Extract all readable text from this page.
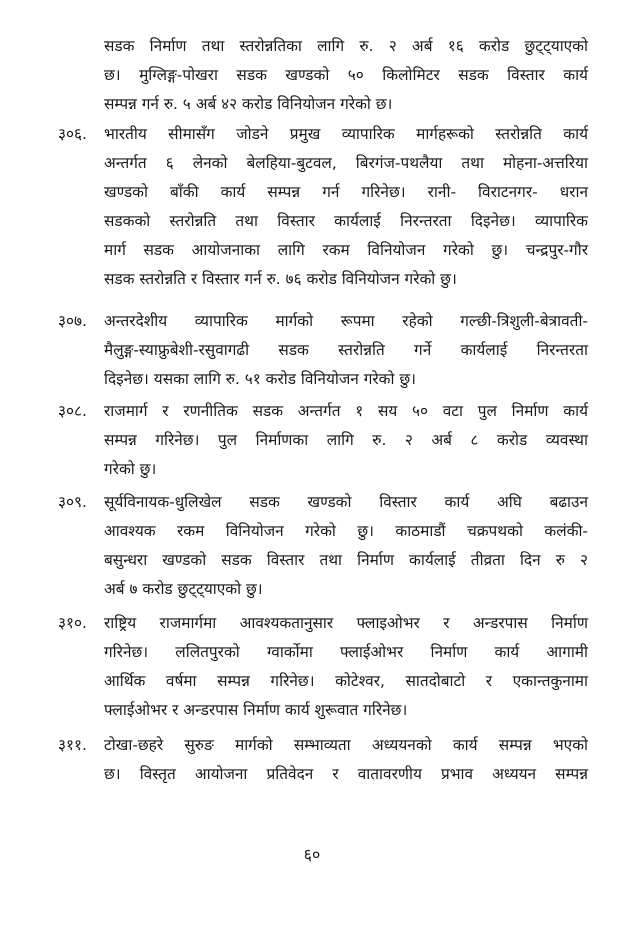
सडक निर्माण तथा स्तरोन्नतिका लागि रु. २ अर्ब १६ करोड छुट्ट्याएको
छ। मुग्लिङ्ग-पोखरा सडक खण्डको ५० किलोमिटर सडक विस्तार कार्य
सम्पन्न गर्न रु. ५ अर्ब ४२ करोड विनियोजन गरेको छ।
३०६.	भारतीय सीमासँग जोडने प्रमुख व्यापारिक मार्गहरूको स्तरोन्नति कार्य
अन्तर्गत ६ लेनको बेलहिया-बुटवल, बिरगंज-पथलैया तथा मोहना-अत्तरिया
खण्डको बाँकी कार्य सम्पन्न गर्न गरिनेछ। रानी- विराटनगर- धरान
सडकको स्तरोन्नति तथा विस्तार कार्यलाई निरन्तरता दिइनेछ। व्यापारिक
मार्ग सडक आयोजनाका लागि रकम विनियोजन गरेको छु। चन्द्रपुर-गौर
सडक स्तरोन्नति र विस्तार गर्न रु. ७६ करोड विनियोजन गरेको छु।
३०७.	अन्तरदेशीय व्यापारिक मार्गको रूपमा रहेको गल्छी-त्रिशुली-बेत्रावती-
मैलुङ्ग-स्याफ्रुबेशी-रसुवागढी सडक स्तरोन्नति गर्ने कार्यलाई निरन्तरता
दिइनेछ। यसका लागि रु. ५१ करोड विनियोजन गरेको छु।
३०८.	राजमार्ग र रणनीतिक सडक अन्तर्गत १ सय ५० वटा पुल निर्माण कार्य
सम्पन्न गरिनेछ। पुल निर्माणका लागि रु. २ अर्ब ८ करोड व्यवस्था
गरेको छु।
३०९.	सूर्यविनायक-धुलिखेल सडक खण्डको विस्तार कार्य अघि बढाउन
आवश्यक रकम विनियोजन गरेको छु। काठमाडौं चक्रपथको कलंकी-
बसुन्धरा खण्डको सडक विस्तार तथा निर्माण कार्यलाई तीव्रता दिन रु २
अर्ब ७ करोड छुट्ट्याएको छु।
३१०.	राष्ट्रिय राजमार्गमा आवश्यकतानुसार फ्लाइओभर र अन्डरपास निर्माण
गरिनेछ। ललितपुरको ग्वार्कोमा फ्लाईओभर निर्माण कार्य आगामी
आर्थिक वर्षमा सम्पन्न गरिनेछ। कोटेश्वर, सातदोबाटो र एकान्तकुनामा
फ्लाईओभर र अन्डरपास निर्माण कार्य शुरूवात गरिनेछ।
३११.	टोखा-छहरे सुरुङ मार्गको सम्भाव्यता अध्ययनको कार्य सम्पन्न भएको
छ। विस्तृत आयोजना प्रतिवेदन र वातावरणीय प्रभाव अध्ययन सम्पन्न
६०
